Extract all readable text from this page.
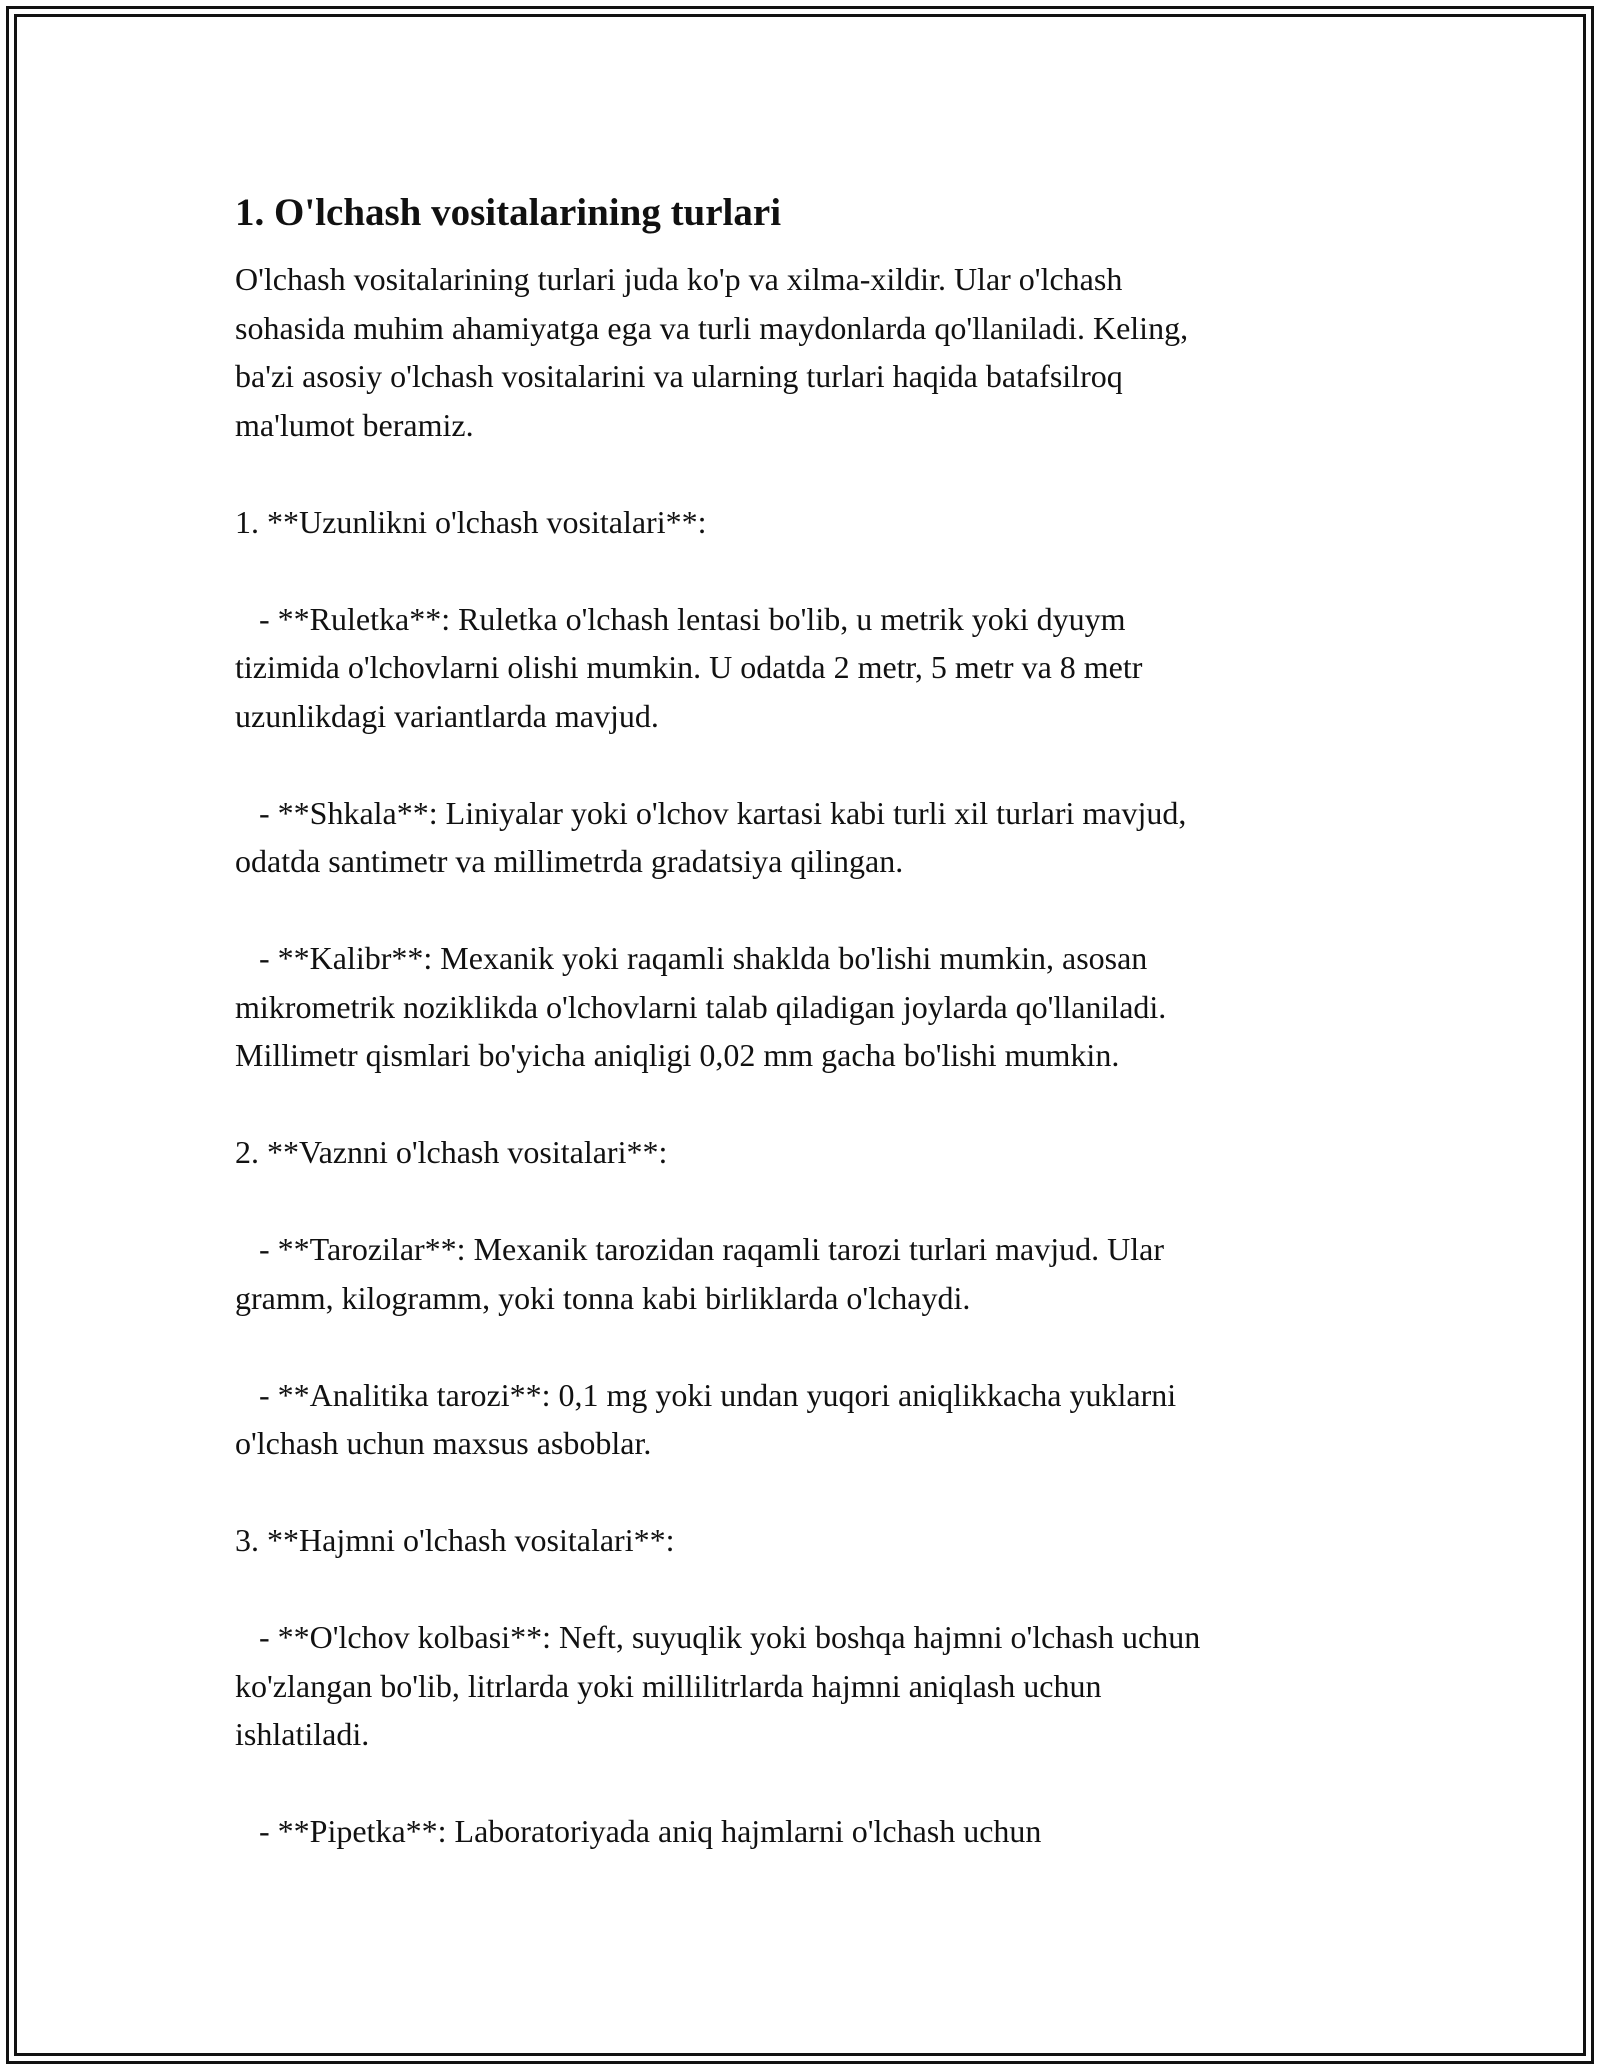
1. O'lchash vositalarining turlari

O'lchash vositalarining turlari juda ko'p va xilma-xildir. Ular o'lchash
sohasida muhim ahamiyatga ega va turli maydonlarda qo'llaniladi. Keling,
ba'zi asosiy o'lchash vositalarini va ularning turlari haqida batafsilroq
ma'lumot beramiz.

1. **Uzunlikni o'lchash vositalari**:

- **Ruletka**: Ruletka o'lchash lentasi bo'lib, u metrik yoki dyuym
tizimida o'lchovlarni olishi mumkin. U odatda 2 metr, 5 metr va 8 metr
uzunlikdagi variantlarda mavjud.

- **Shkala**: Liniyalar yoki o'lchov kartasi kabi turli xil turlari mavjud,
odatda santimetr va millimetrda gradatsiya qilingan.

- **Kalibr**: Mexanik yoki raqamli shaklda bo'lishi mumkin, asosan
mikrometrik noziklikda o'lchovlarni talab qiladigan joylarda qo'llaniladi.
Millimetr qismlari bo'yicha aniqligi 0,02 mm gacha bo'lishi mumkin.

2. **Vaznni o'lchash vositalari**:

- **Tarozilar**: Mexanik tarozidan raqamli tarozi turlari mavjud. Ular
gramm, kilogramm, yoki tonna kabi birliklarda o'lchaydi.

- **Analitika tarozi**: 0,1 mg yoki undan yuqori aniqlikkacha yuklarni
o'lchash uchun maxsus asboblar.

3. **Hajmni o'lchash vositalari**:

- **O'lchov kolbasi**: Neft, suyuqlik yoki boshqa hajmni o'lchash uchun
ko'zlangan bo'lib, litrlarda yoki millilitrlarda hajmni aniqlash uchun
ishlatiladi.

- **Pipetka**: Laboratoriyada aniq hajmlarni o'lchash uchun
